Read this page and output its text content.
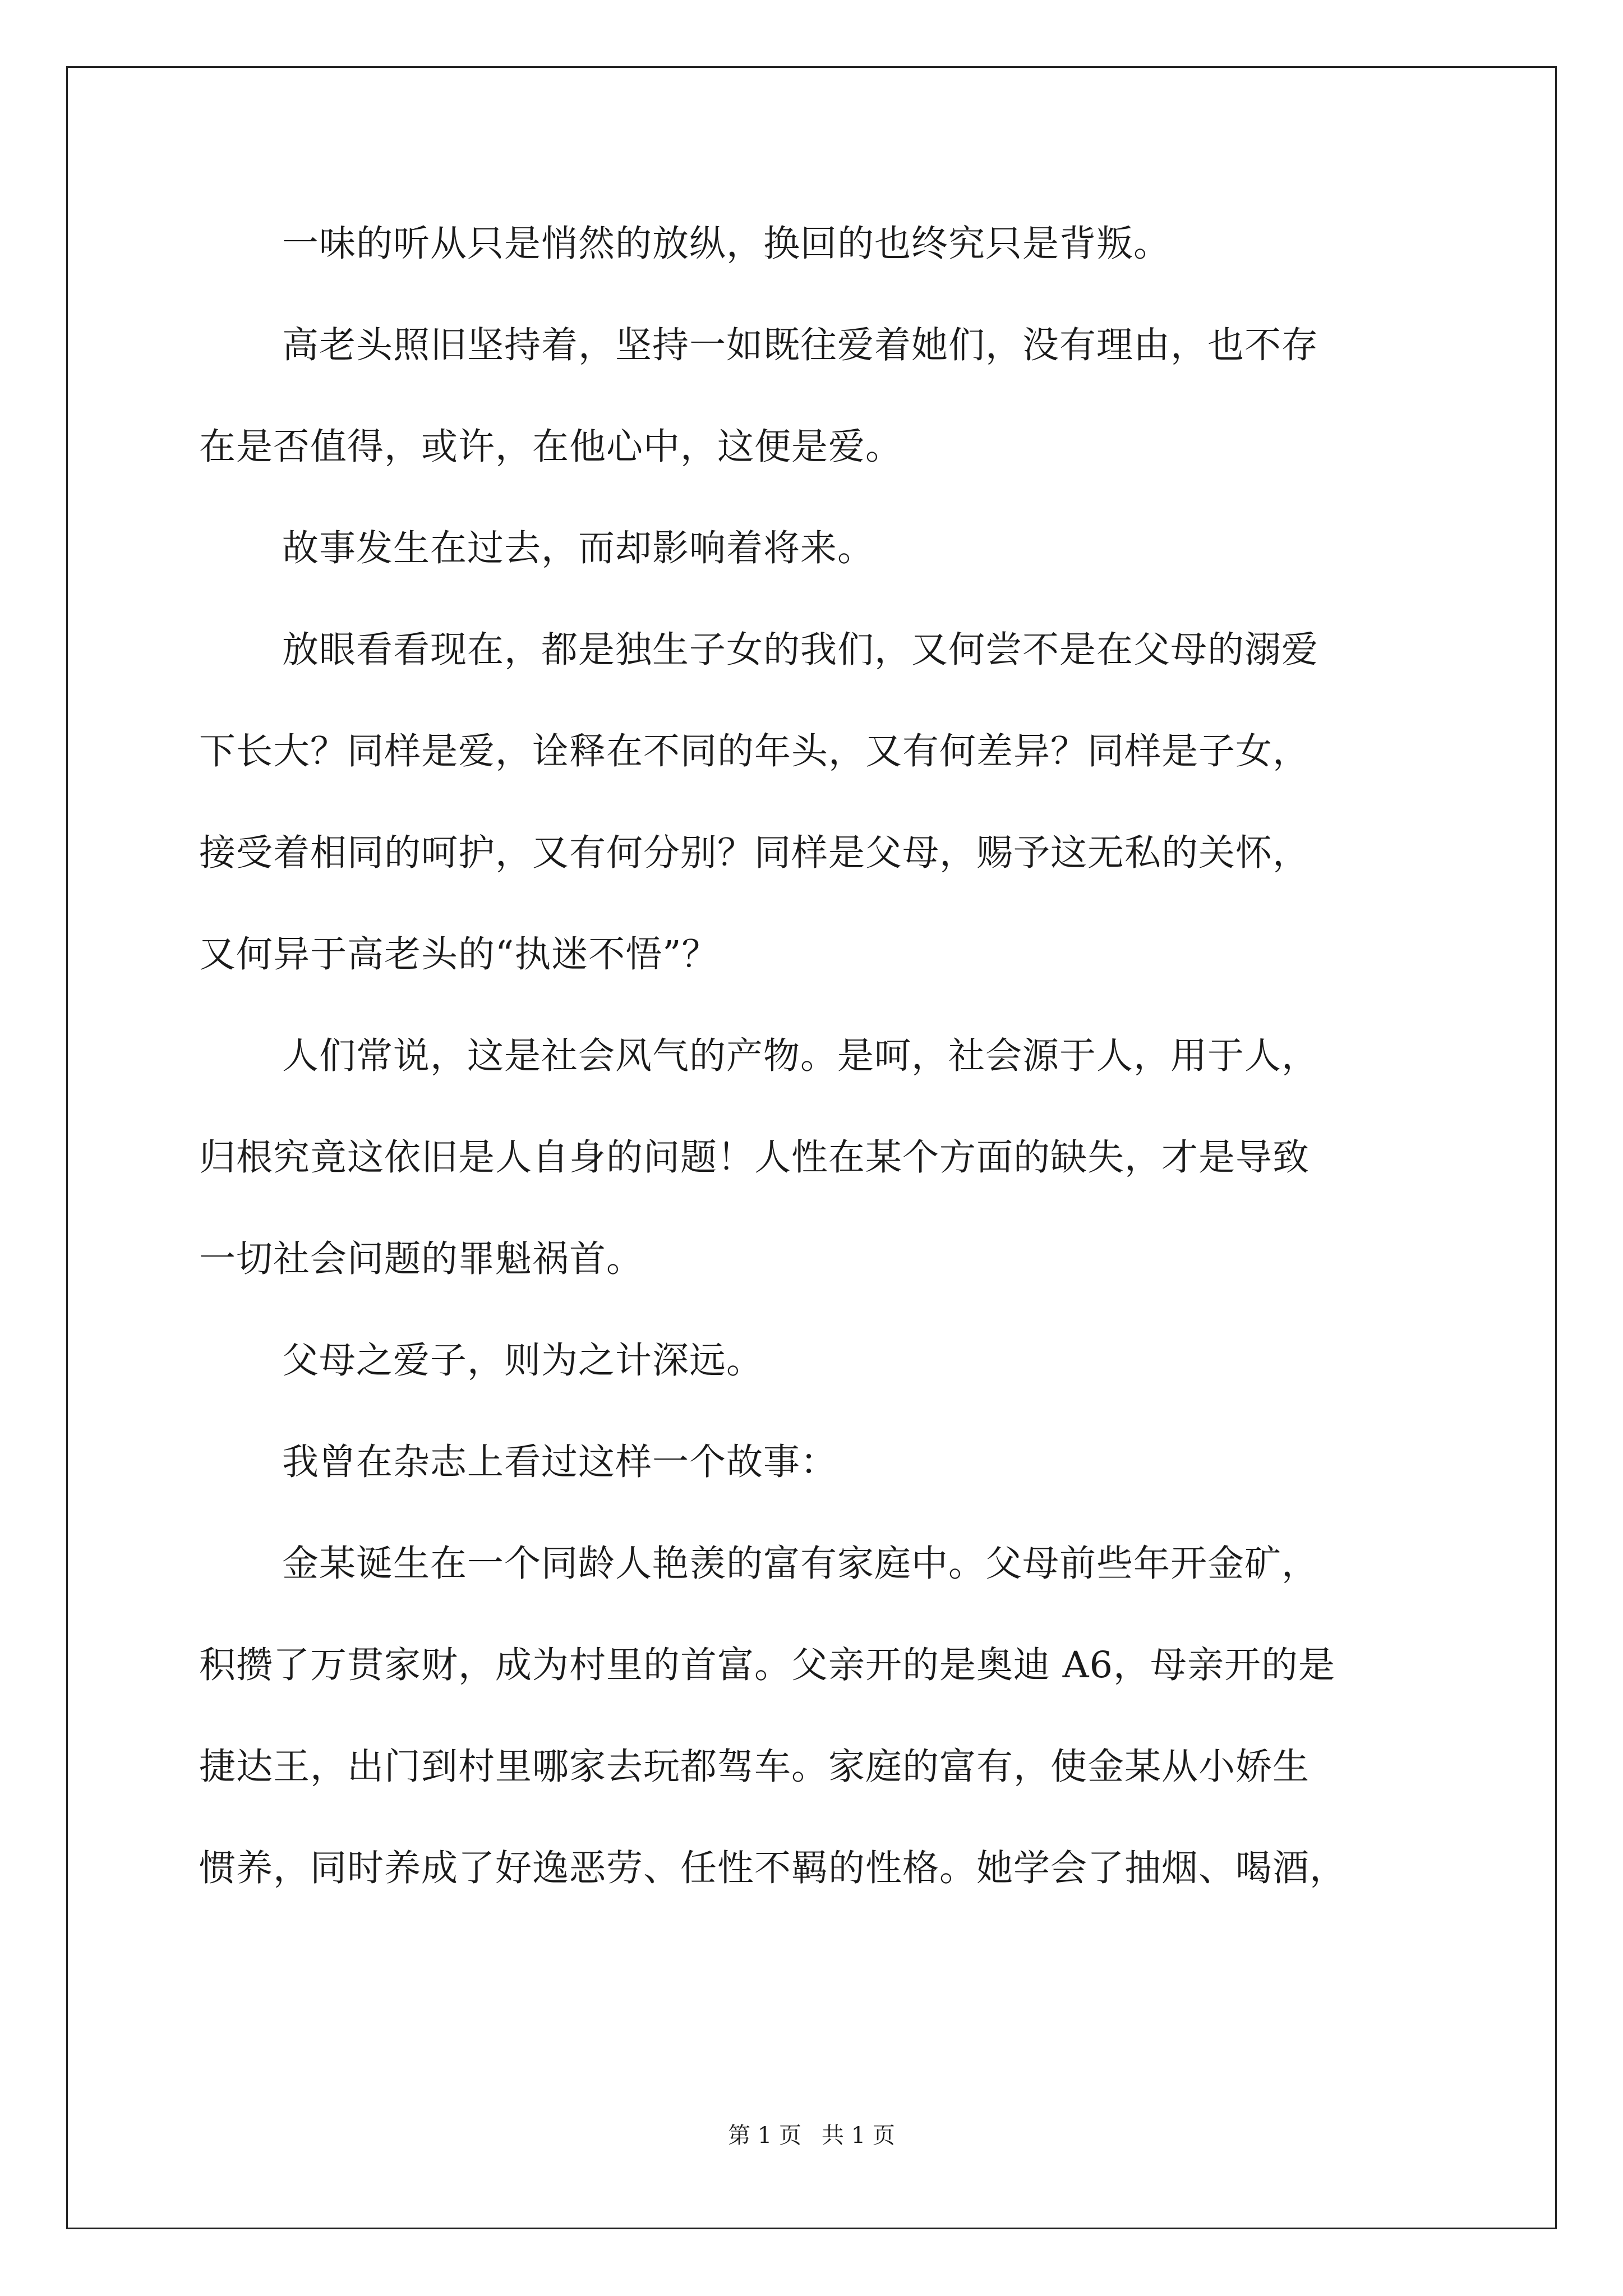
一味的听从只是悄然的放纵，换回的也终究只是背叛。
高老头照旧坚持着，坚持一如既往爱着她们，没有理由，也不存
在是否值得，或许，在他心中，这便是爱。
故事发生在过去，而却影响着将来。
放眼看看现在，都是独生子女的我们，又何尝不是在父母的溺爱
下长大？同样是爱，诠释在不同的年头，又有何差异？同样是子女，
接受着相同的呵护，又有何分别？同样是父母，赐予这无私的关怀，
又何异于高老头的“执迷不悟”？
人们常说，这是社会风气的产物。是呵，社会源于人，用于人，
归根究竟这依旧是人自身的问题！人性在某个方面的缺失，才是导致
一切社会问题的罪魁祸首。
父母之爱子，则为之计深远。
我曾在杂志上看过这样一个故事：
金某诞生在一个同龄人艳羡的富有家庭中。父母前些年开金矿，
积攒了万贯家财，成为村里的首富。父亲开的是奥迪 A6，母亲开的是
捷达王，出门到村里哪家去玩都驾车。家庭的富有，使金某从小娇生
惯养，同时养成了好逸恶劳、任性不羁的性格。她学会了抽烟、喝酒，
第 1 页 共 1 页
